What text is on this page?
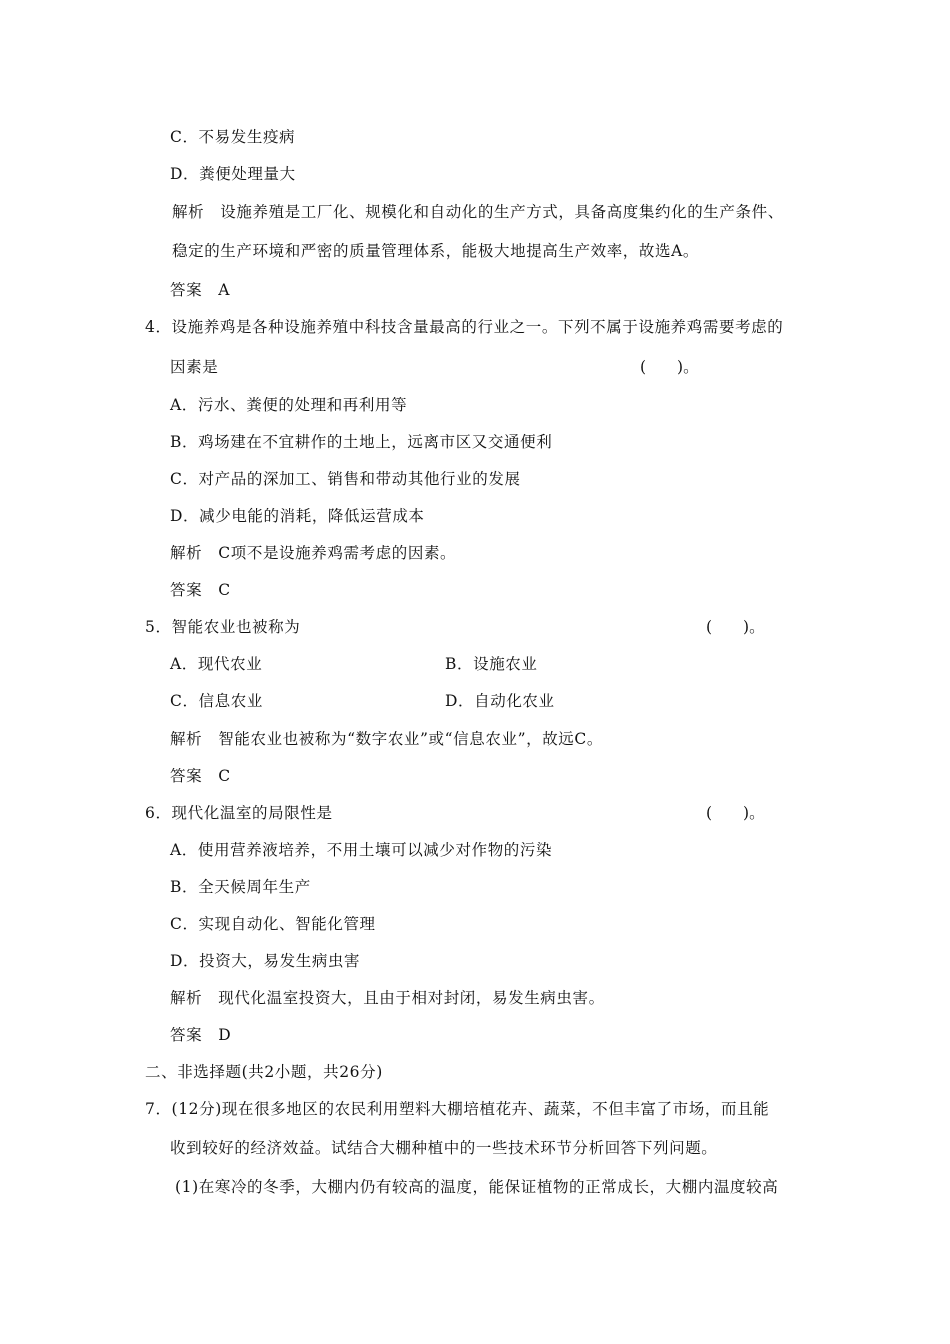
C．不易发生疫病
D．粪便处理量大
解析　设施养殖是工厂化、规模化和自动化的生产方式，具备高度集约化的生产条件、
稳定的生产环境和严密的质量管理体系，能极大地提高生产效率，故选A。
答案　A
4．设施养鸡是各种设施养殖中科技含量最高的行业之一。下列不属于设施养鸡需要考虑的
因素是	(　　)。
A．污水、粪便的处理和再利用等
B．鸡场建在不宜耕作的土地上，远离市区又交通便利
C．对产品的深加工、销售和带动其他行业的发展
D．减少电能的消耗，降低运营成本
解析　C项不是设施养鸡需考虑的因素。
答案　C
5．智能农业也被称为	(　　)。
A．现代农业	B．设施农业
C．信息农业	D．自动化农业
解析　智能农业也被称为“数字农业”或“信息农业”，故远C。
答案　C
6．现代化温室的局限性是	(　　)。
A．使用营养液培养，不用土壤可以减少对作物的污染
B．全天候周年生产
C．实现自动化、智能化管理
D．投资大，易发生病虫害
解析　现代化温室投资大，且由于相对封闭，易发生病虫害。
答案　D
二、非选择题(共2小题，共26分)
7．(12分)现在很多地区的农民利用塑料大棚培植花卉、蔬菜，不但丰富了市场，而且能
收到较好的经济效益。试结合大棚种植中的一些技术环节分析回答下列问题。
(1)在寒冷的冬季，大棚内仍有较高的温度，能保证植物的正常成长，大棚内温度较高
